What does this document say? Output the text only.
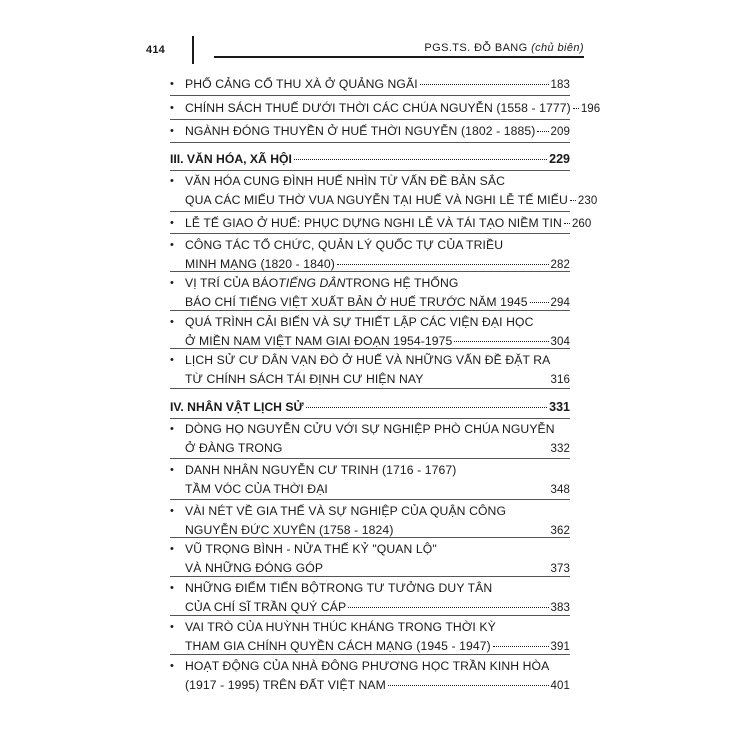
414	PGS.TS. ĐỖ BANG (chủ biên)
• PHỐ CẢNG CỔ THU XÀ Ở QUẢNG NGÃI	183
• CHÍNH SÁCH THUẾ DƯỚI THỜI CÁC CHÚA NGUYỄN (1558 - 1777) 196
• NGÀNH ĐÓNG THUYỀN Ở HUẾ THỜI NGUYỄN (1802 - 1885) 209
III. VĂN HÓA, XÃ HỘI	229
• VĂN HÓA CUNG ĐÌNH HUẾ NHÌN TỪ VẤN ĐỀ BẢN SẮC
QUA CÁC MIẾU THỜ VUA NGUYỄN TẠI HUẾ VÀ NGHI LỄ TẾ MIẾU 230
• LỄ TẾ GIAO Ở HUẾ: PHỤC DỰNG NGHI LỄ VÀ TÁI TẠO NIỀM TIN 260
• CÔNG TÁC TỔ CHỨC, QUẢN LÝ QUỐC TỰ CỦA TRIỀU
MINH MẠNG (1820 - 1840)	282
• VỊ TRÍ CỦA BÁO TIẾNG DÂN TRONG HỆ THỐNG
BÁO CHÍ TIẾNG VIỆT XUẤT BẢN Ở HUẾ TRƯỚC NĂM 1945 294
• QUÁ TRÌNH CẢI BIẾN VÀ SỰ THIẾT LẬP CÁC VIỆN ĐẠI HỌC
Ở MIỀN NAM VIỆT NAM GIAI ĐOẠN 1954-1975	304
• LỊCH SỬ CƯ DÂN VẠN ĐÒ Ở HUẾ VÀ NHỮNG VẤN ĐỀ ĐẶT RA
TỪ CHÍNH SÁCH TÁI ĐỊNH CƯ HIỆN NAY	316
IV. NHÂN VẬT LỊCH SỬ	331
• DÒNG HỌ NGUYỄN CỬU VỚI SỰ NGHIỆP PHÒ CHÚA NGUYỄN
Ở ĐÀNG TRONG	332
• DANH NHÂN NGUYỄN CƯ TRINH (1716 - 1767)
TẦM VÓC CỦA THỜI ĐẠI	348
• VÀI NÉT VỀ GIA THẾ VÀ SỰ NGHIỆP CỦA QUẬN CÔNG
NGUYỄN ĐỨC XUYÊN (1758 - 1824)	362
• VŨ TRỌNG BÌNH - NỬA THẾ KỶ "QUAN LỘ"
VÀ NHỮNG ĐÓNG GÓP	373
• NHỮNG ĐIỂM TIẾN BỘTRONG TƯ TƯỞNG DUY TÂN
CỦA CHÍ SĨ TRẦN QUÝ CÁP	383
• VAI TRÒ CỦA HUỲNH THÚC KHÁNG TRONG THỜI KỲ
THAM GIA CHÍNH QUYỀN CÁCH MẠNG (1945 - 1947)	391
• HOẠT ĐỘNG CỦA NHÀ ĐÔNG PHƯƠNG HỌC TRẦN KINH HÒA
(1917 - 1995) TRÊN ĐẤT VIỆT NAM	401
